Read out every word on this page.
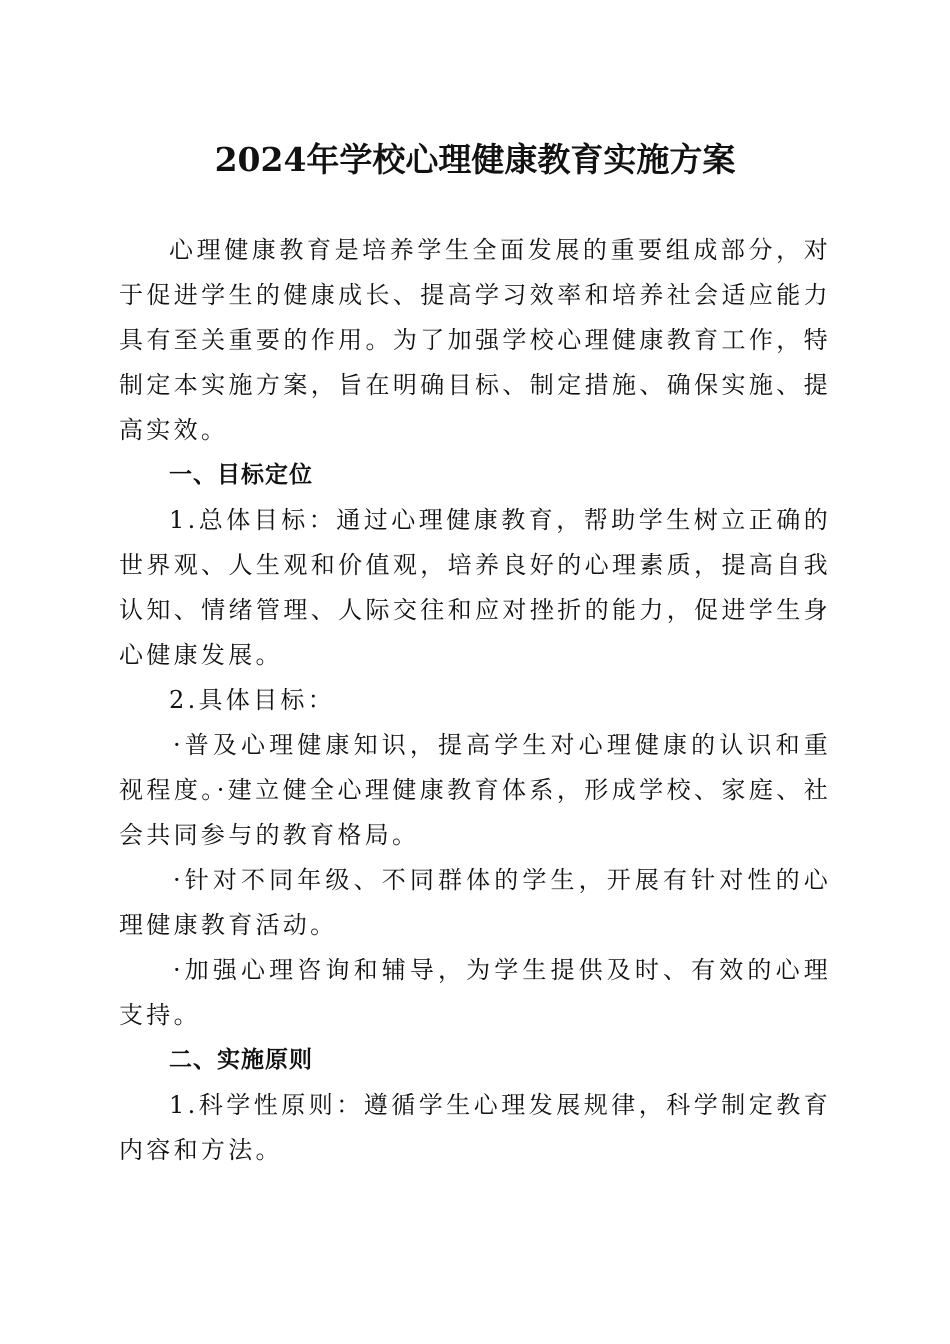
2024年学校心理健康教育实施方案

心理健康教育是培养学生全面发展的重要组成部分，对于促进学生的健康成长、提高学习效率和培养社会适应能力具有至关重要的作用。为了加强学校心理健康教育工作，特制定本实施方案，旨在明确目标、制定措施、确保实施、提高实效。

一、目标定位

1.总体目标：通过心理健康教育，帮助学生树立正确的世界观、人生观和价值观，培养良好的心理素质，提高自我认知、情绪管理、人际交往和应对挫折的能力，促进学生身心健康发展。

2.具体目标：

·普及心理健康知识，提高学生对心理健康的认识和重视程度。·建立健全心理健康教育体系，形成学校、家庭、社会共同参与的教育格局。

·针对不同年级、不同群体的学生，开展有针对性的心理健康教育活动。

·加强心理咨询和辅导，为学生提供及时、有效的心理支持。

二、实施原则

1.科学性原则：遵循学生心理发展规律，科学制定教育内容和方法。
